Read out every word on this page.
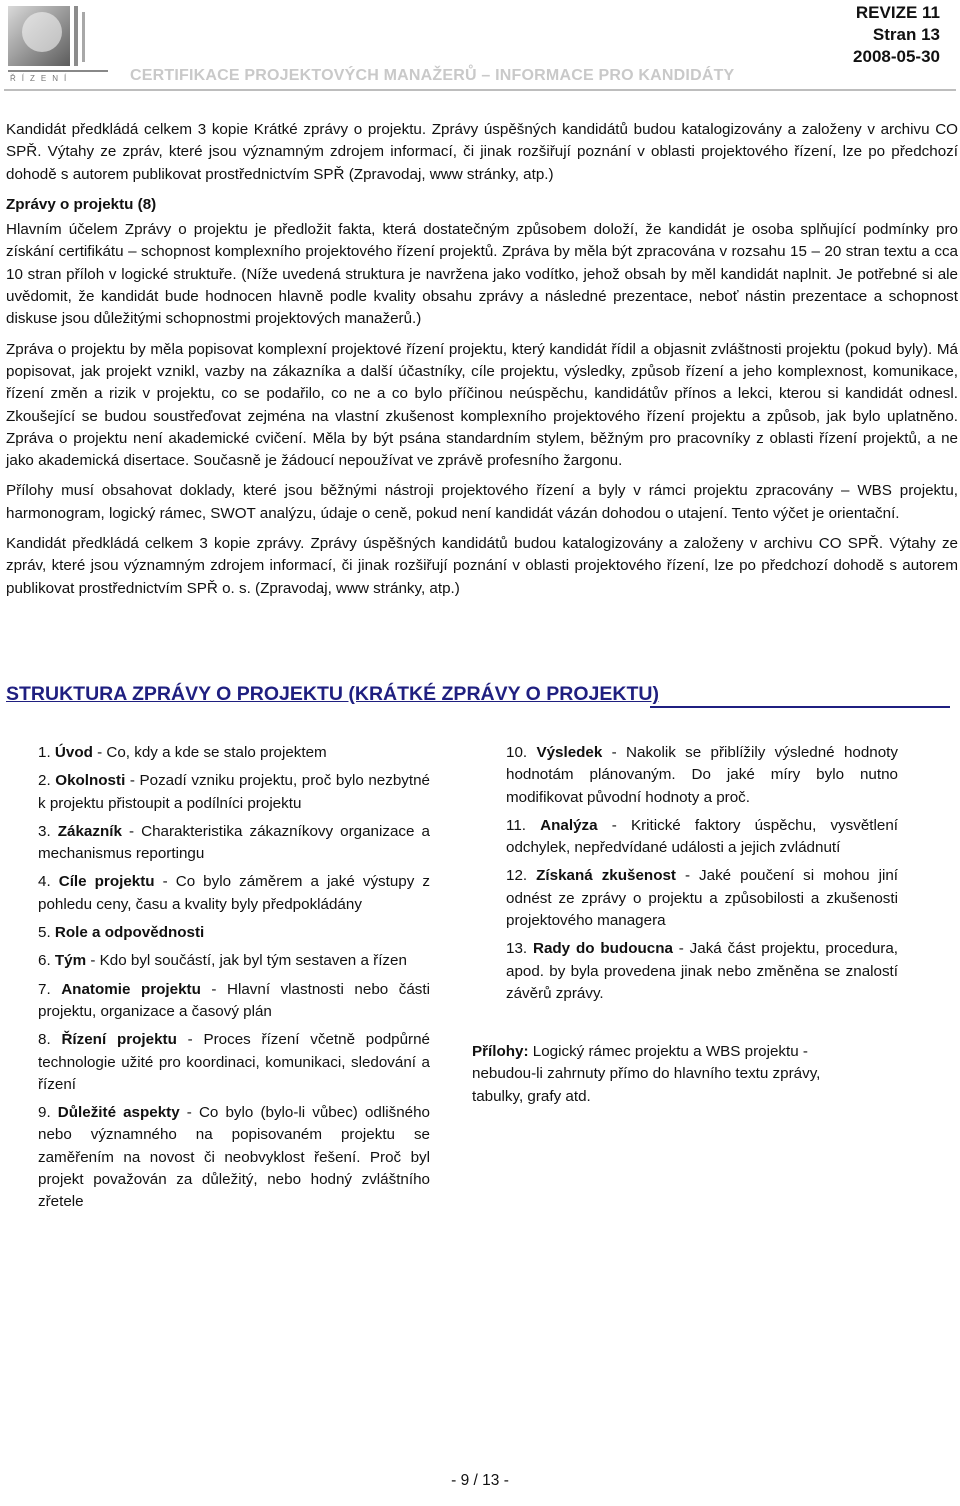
ŘÍZENÍ	CERTIFIKACE PROJEKTOVÝCH MANAŽERŮ – INFORMACE PRO KANDIDÁTY
REVIZE 11
Stran 13
2008-05-30

Kandidát předkládá celkem 3 kopie Krátké zprávy o projektu. Zprávy úspěšných kandidátů budou katalogizovány a založeny v archivu CO SPŘ. Výtahy ze zpráv, které jsou významným zdrojem informací, či jinak rozšiřují poznání v oblasti projektového řízení, lze po předchozí dohodě s autorem publikovat prostřednictvím SPŘ (Zpravodaj, www stránky, atp.)

Zprávy o projektu (8)

Hlavním účelem Zprávy o projektu je předložit fakta, která dostatečným způsobem doloží, že kandidát je osoba splňující podmínky pro získání certifikátu – schopnost komplexního projektového řízení projektů. Zpráva by měla být zpracována v rozsahu 15 – 20 stran textu a cca 10 stran příloh v logické struktuře. (Níže uvedená struktura je navržena jako vodítko, jehož obsah by měl kandidát naplnit. Je potřebné si ale uvědomit, že kandidát bude hodnocen hlavně podle kvality obsahu zprávy a následné prezentace, neboť nástin prezentace a schopnost diskuse jsou důležitými schopnostmi projektových manažerů.)

Zpráva o projektu by měla popisovat komplexní projektové řízení projektu, který kandidát řídil a objasnit zvláštnosti projektu (pokud byly). Má popisovat, jak projekt vznikl, vazby na zákazníka a další účastníky, cíle projektu, výsledky, způsob řízení a jeho komplexnost, komunikace, řízení změn a rizik v projektu, co se podařilo, co ne a co bylo příčinou neúspěchu, kandidátův přínos a lekci, kterou si kandidát odnesl. Zkoušející se budou soustřeďovat zejména na vlastní zkušenost komplexního projektového řízení projektu a způsob, jak bylo uplatněno. Zpráva o projektu není akademické cvičení. Měla by být psána standardním stylem, běžným pro pracovníky z oblasti řízení projektů, a ne jako akademická disertace. Současně je žádoucí nepoužívat ve zprávě profesního žargonu.

Přílohy musí obsahovat doklady, které jsou běžnými nástroji projektového řízení a byly v rámci projektu zpracovány – WBS projektu, harmonogram, logický rámec, SWOT analýzu, údaje o ceně, pokud není kandidát vázán dohodou o utajení. Tento výčet je orientační.

Kandidát předkládá celkem 3 kopie zprávy. Zprávy úspěšných kandidátů budou katalogizovány a založeny v archivu CO SPŘ. Výtahy ze zpráv, které jsou významným zdrojem informací, či jinak rozšiřují poznání v oblasti projektového řízení, lze po předchozí dohodě s autorem publikovat prostřednictvím SPŘ o. s. (Zpravodaj, www stránky, atp.)

STRUKTURA ZPRÁVY O PROJEKTU (KRÁTKÉ ZPRÁVY O PROJEKTU)

1. Úvod - Co, kdy a kde se stalo projektem

2. Okolnosti - Pozadí vzniku projektu, proč bylo nezbytné k projektu přistoupit a podílníci projektu

3. Zákazník - Charakteristika zákazníkovy organizace a mechanismus reportingu

4. Cíle projektu - Co bylo záměrem a jaké výstupy z pohledu ceny, času a kvality byly předpokládány

5. Role a odpovědnosti

6. Tým - Kdo byl součástí, jak byl tým sestaven a řízen

7. Anatomie projektu - Hlavní vlastnosti nebo části projektu, organizace a časový plán

8. Řízení projektu - Proces řízení včetně podpůrné technologie užité pro koordinaci, komunikaci, sledování a řízení

9. Důležité aspekty - Co bylo (bylo-li vůbec) odlišného nebo významného na popisovaném projektu se zaměřením na novost či neobvyklost řešení. Proč byl projekt považován za důležitý, nebo hodný zvláštního zřetele

10. Výsledek - Nakolik se přiblížily výsledné hodnoty hodnotám plánovaným. Do jaké míry bylo nutno modifikovat původní hodnoty a proč.

11. Analýza - Kritické faktory úspěchu, vysvětlení odchylek, nepředvídané události a jejich zvládnutí

12. Získaná zkušenost - Jaké poučení si mohou jiní odnést ze zprávy o projektu a způsobilosti a zkušenosti projektového managera

13. Rady do budoucna - Jaká část projektu, procedura, apod. by byla provedena jinak nebo změněna se znalostí závěrů zprávy.

Přílohy: Logický rámec projektu a WBS projektu - nebudou-li zahrnuty přímo do hlavního textu zprávy, tabulky, grafy atd.
- 9 / 13 -
